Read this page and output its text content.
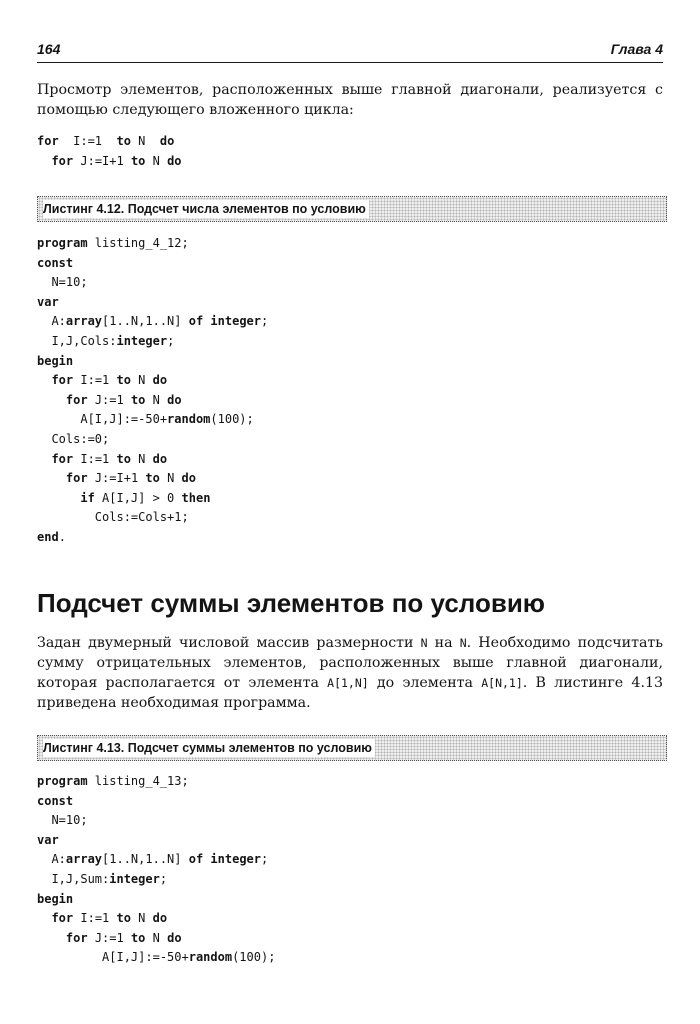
164	Глава 4

Просмотр элементов, расположенных выше главной диагонали, реализуется с помощью следующего вложенного цикла:

for  I:=1  to N  do
for J:=I+1 to N do
Листинг 4.12. Подсчет числа элементов по условию
program listing_4_12;
const
N=10;
var
A:array[1..N,1..N] of integer;
I,J,Cols:integer;
begin
for I:=1 to N do
for J:=1 to N do
A[I,J]:=-50+random(100);
Cols:=0;
for I:=1 to N do
for J:=I+1 to N do
if A[I,J] > 0 then
Cols:=Cols+1;
end.
Подсчет суммы элементов по условию

Задан двумерный числовой массив размерности N на N. Необходимо подсчитать сумму отрицательных элементов, расположенных выше главной диагонали, которая располагается от элемента A[1,N] до элемента A[N,1]. В листинге 4.13 приведена необходимая программа.

Листинг 4.13. Подсчет суммы элементов по условию
program listing_4_13;
const
N=10;
var
A:array[1..N,1..N] of integer;
I,J,Sum:integer;
begin
for I:=1 to N do
for J:=1 to N do
A[I,J]:=-50+random(100);
